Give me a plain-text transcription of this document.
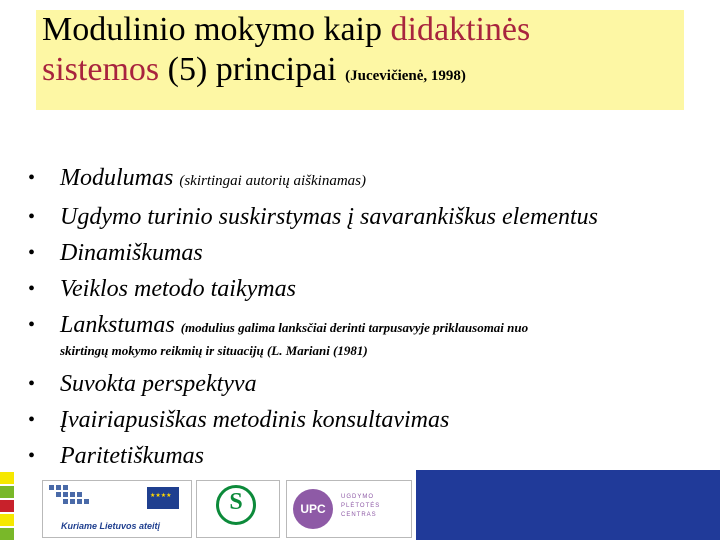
Modulinio mokymo kaip didaktinės
sistemos (5) principai (Jucevičienė, 1998)
• Modulumas (skirtingai autorių aiškinamas)
• Ugdymo turinio suskirstymas į savarankiškus elementus
• Dinamiškumas
• Veiklos metodo taikymas
• Lankstumas (modulius galima lanksčiai derinti tarpusavyje priklausomai nuo
skirtingų mokymo reikmių ir situacijų (L. Mariani (1981)
• Suvokta perspektyva
• Įvairiapusiškas metodinis konsultavimas
• Paritetiškumas
★★★★
Kuriame Lietuvos ateitį
S	UPC
UGDYMO PLĖTOTĖS CENTRAS
